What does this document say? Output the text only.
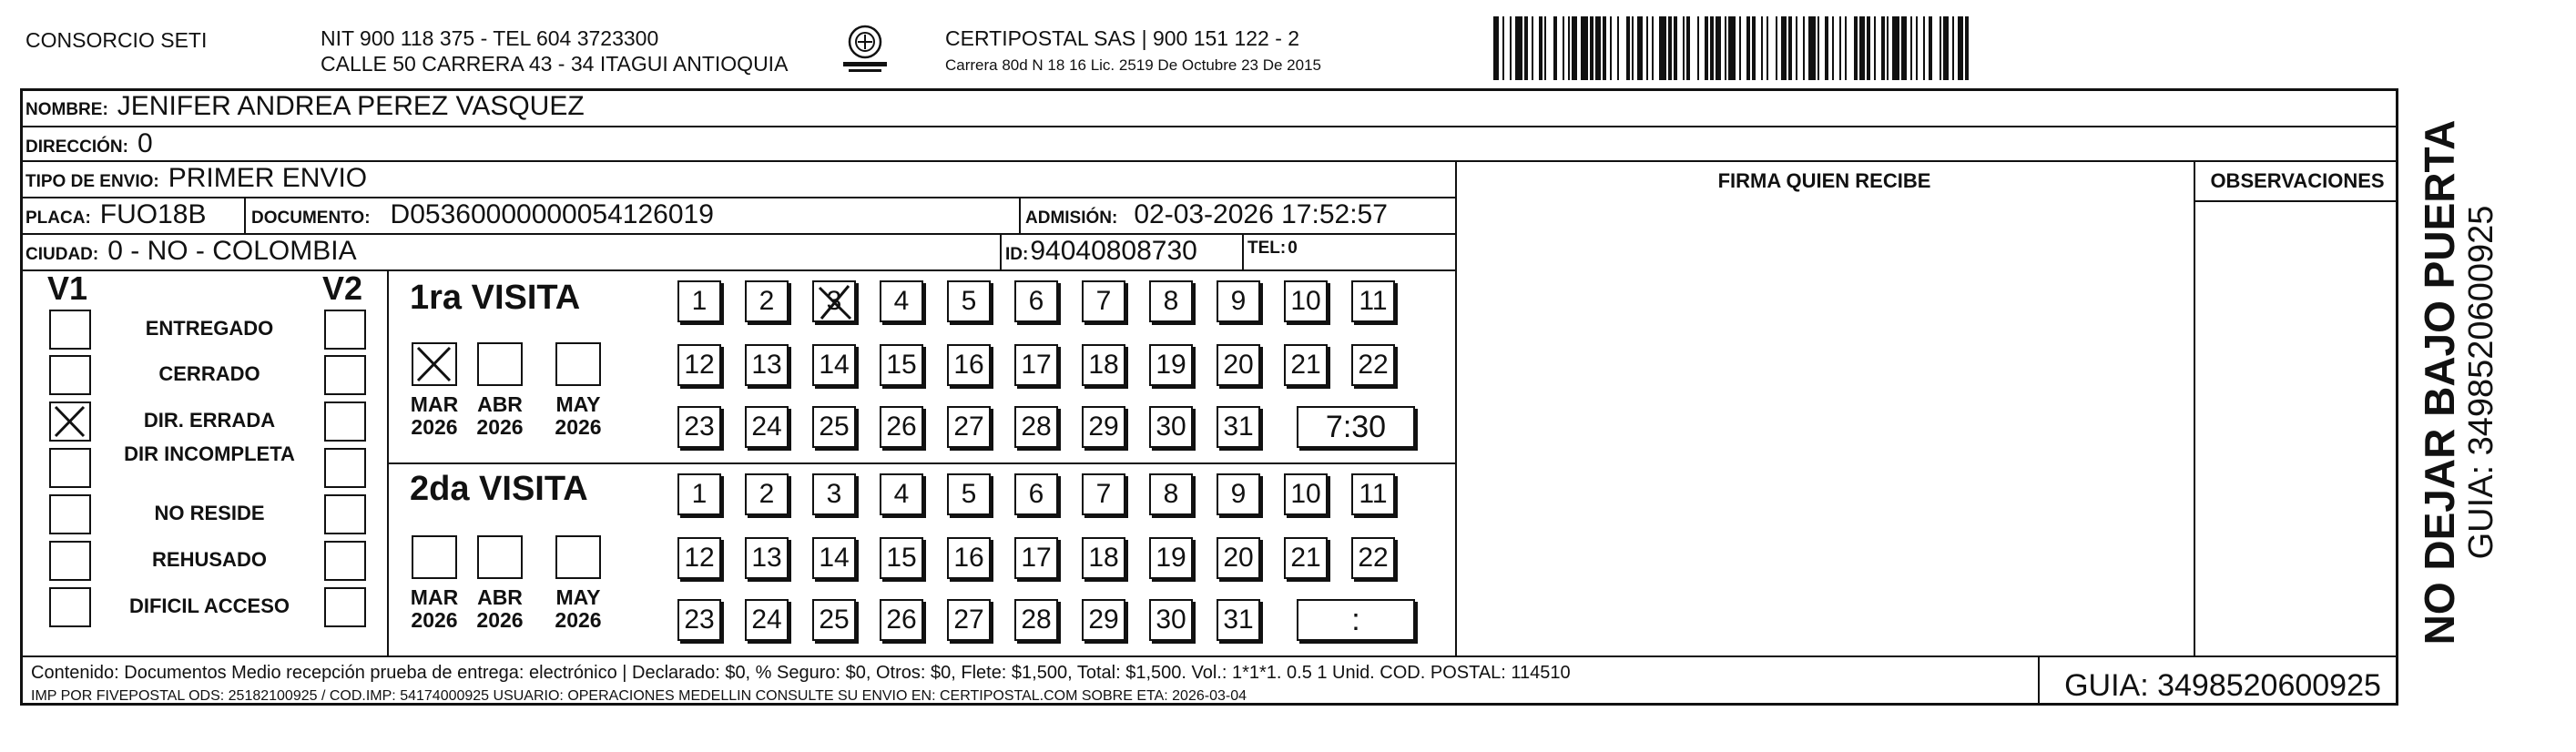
CONSORCIO SETI	NIT 900 118 375 - TEL 604 3723300
CALLE 50 CARRERA 43 - 34 ITAGUI ANTIOQUIA
CERTIPOSTAL SAS | 900 151 122 - 2
Carrera 80d N 18 16 Lic. 2519 De Octubre 23 De 2015
NOMBRE: JENIFER ANDREA PEREZ VASQUEZ
DIRECCIÓN: 0
TIPO DE ENVIO: PRIMER ENVIO
PLACA: FUO18B	DOCUMENTO: D05360000000054126019	ADMISIÓN: 02-03-2026 17:52:57
CIUDAD: 0 - NO - COLOMBIA	ID: 94040808730	TEL: 0
FIRMA QUIEN RECIBE	OBSERVACIONES
V1	V2
ENTREGADO
CERRADO
DIR. ERRADA
DIR INCOMPLETA
NO RESIDE
REHUSADO
DIFICIL ACCESO
1ra VISITA
MAR
2026
ABR
2026
MAY
2026
1 2 3 4 5 6 7 8 9 10 11
12 13 14 15 16 17 18 19 20 21 22
23 24 25 26 27 28 29 30 31	7:30
2da VISITA
MAR
2026
ABR
2026
MAY
2026
1 2 3 4 5 6 7 8 9 10 11
12 13 14 15 16 17 18 19 20 21 22
23 24 25 26 27 28 29 30 31	:
Contenido: Documentos Medio recepción prueba de entrega: electrónico | Declarado: $0, % Seguro: $0, Otros: $0, Flete: $1,500, Total: $1,500. Vol.: 1*1*1. 0.5 1 Unid. COD. POSTAL: 114510
IMP POR FIVEPOSTAL ODS: 25182100925 / COD.IMP: 54174000925 USUARIO: OPERACIONES MEDELLIN CONSULTE SU ENVIO EN: CERTIPOSTAL.COM SOBRE ETA: 2026-03-04	GUIA: 3498520600925
NO DEJAR BAJO PUERTA
GUIA: 3498520600925
